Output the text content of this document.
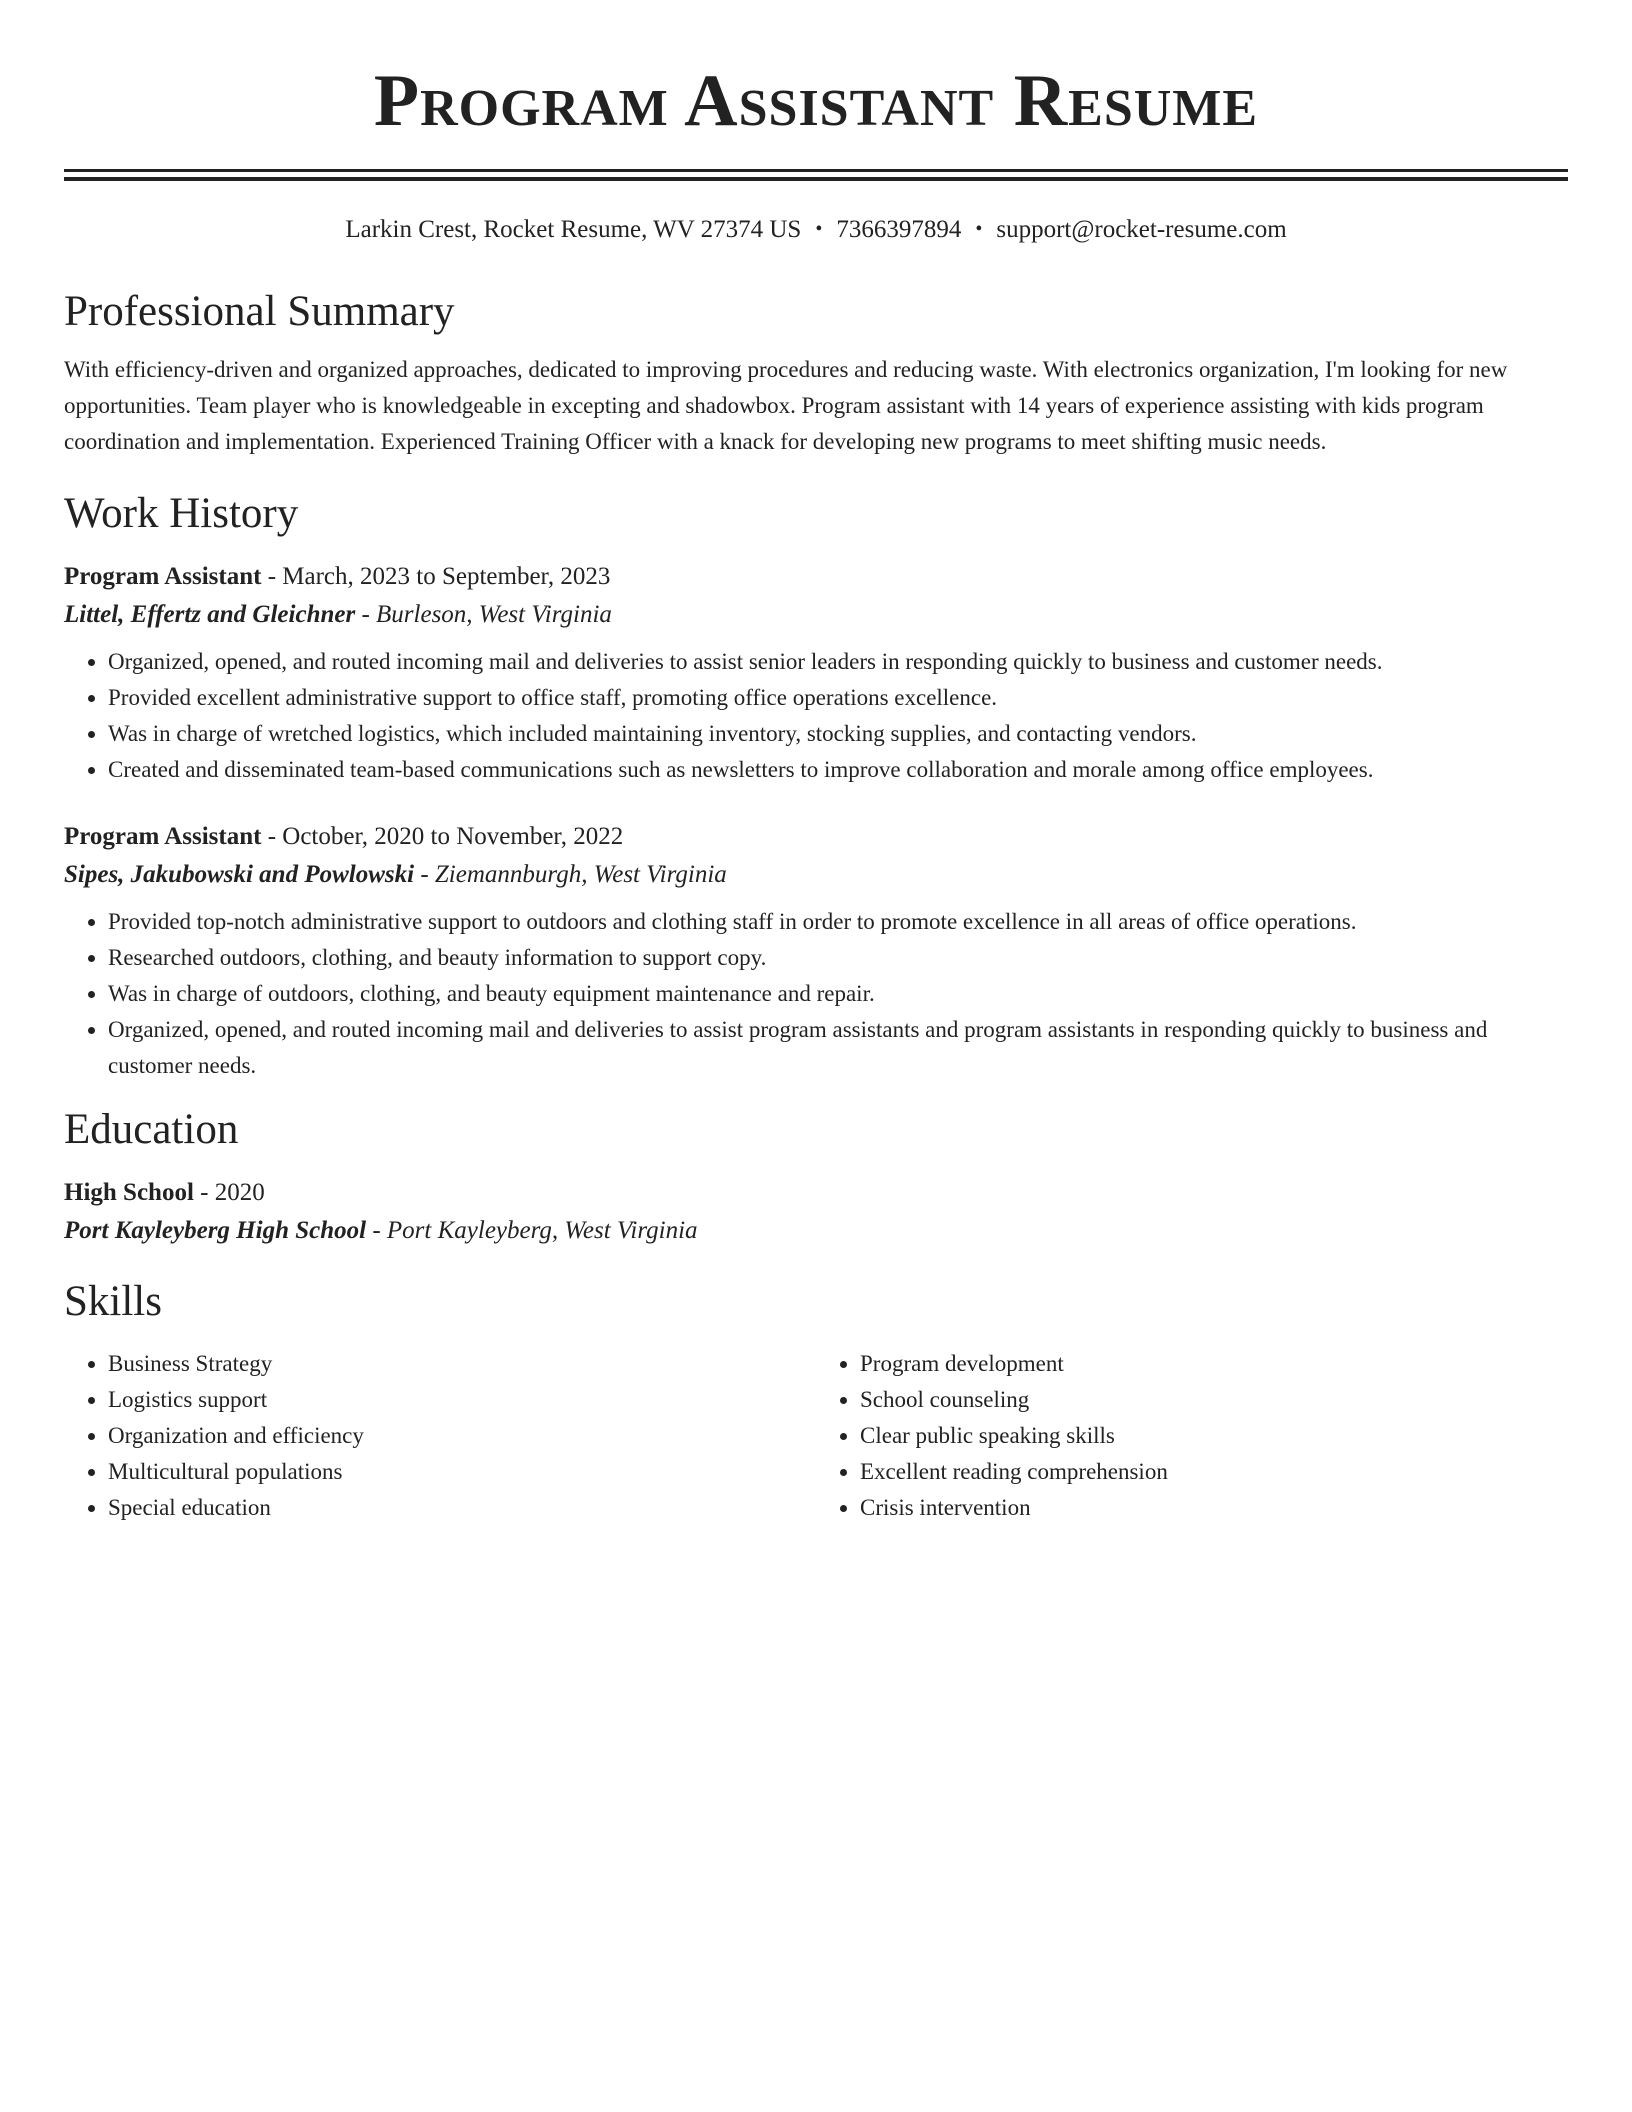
Program Assistant Resume
Larkin Crest, Rocket Resume, WV 27374 US • 7366397894 • support@rocket-resume.com
Professional Summary

With efficiency-driven and organized approaches, dedicated to improving procedures and reducing waste. With electronics organization, I'm looking for new opportunities. Team player who is knowledgeable in excepting and shadowbox. Program assistant with 14 years of experience assisting with kids program coordination and implementation. Experienced Training Officer with a knack for developing new programs to meet shifting music needs.

Work History
Program Assistant - March, 2023 to September, 2023
Littel, Effertz and Gleichner - Burleson, West Virginia
• Organized, opened, and routed incoming mail and deliveries to assist senior leaders in responding quickly to business and customer needs.
• Provided excellent administrative support to office staff, promoting office operations excellence.
• Was in charge of wretched logistics, which included maintaining inventory, stocking supplies, and contacting vendors.
• Created and disseminated team-based communications such as newsletters to improve collaboration and morale among office employees.
Program Assistant - October, 2020 to November, 2022
Sipes, Jakubowski and Powlowski - Ziemannburgh, West Virginia
• Provided top-notch administrative support to outdoors and clothing staff in order to promote excellence in all areas of office operations.
• Researched outdoors, clothing, and beauty information to support copy.
• Was in charge of outdoors, clothing, and beauty equipment maintenance and repair.
• Organized, opened, and routed incoming mail and deliveries to assist program assistants and program assistants in responding quickly to business and customer needs.
Education
High School - 2020
Port Kayleyberg High School - Port Kayleyberg, West Virginia
Skills
• Business Strategy
• Logistics support
• Organization and efficiency
• Multicultural populations
• Special education
• Program development
• School counseling
• Clear public speaking skills
• Excellent reading comprehension
• Crisis intervention
